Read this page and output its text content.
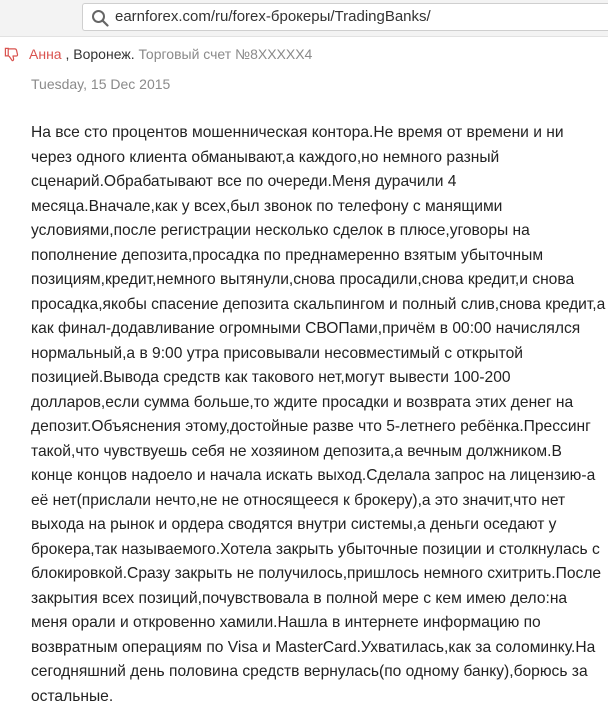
earnforex.com/ru/forex-брокеры/TradingBanks/
Анна , Воронеж. Торговый счет №8XXXXX4
Tuesday, 15 Dec 2015

На все сто процентов мошенническая контора.Не время от времени и ни через одного клиента обманывают,а каждого,но немного разный сценарий.Обрабатывают все по очереди.Меня дурачили 4 месяца.Вначале,как у всех,был звонок по телефону с манящими условиями,после регистрации несколько сделок в плюсе,уговоры на пополнение депозита,просадка по преднамеренно взятым убыточным позициям,кредит,немного вытянули,снова просадили,снова кредит,и снова просадка,якобы спасение депозита скальпингом и полный слив,снова кредит,а как финал-додавливание огромными СВОПами,причём в 00:00 начислялся нормальный,а в 9:00 утра присовывали несовместимый с открытой позицией.Вывода средств как такового нет,могут вывести 100-200 долларов,если сумма больше,то ждите просадки и возврата этих денег на депозит.Объяснения этому,достойные разве что 5-летнего ребёнка.Прессинг такой,что чувствуешь себя не хозяином депозита,а вечным должником.В конце концов надоело и начала искать выход.Сделала запрос на лицензию-а её нет(прислали нечто,не не относящееся к брокеру),а это значит,что нет выхода на рынок и ордера сводятся внутри системы,а деньги оседают у брокера,так называемого.Хотела закрыть убыточные позиции и столкнулась с блокировкой.Сразу закрыть не получилось,пришлось немного схитрить.После закрытия всех позиций,почувствовала в полной мере с кем имею дело:на меня орали и откровенно хамили.Нашла в интернете информацию по возвратным операциям по Visa и MasterCard.Ухватилась,как за соломинку.На сегодняшний день половина средств вернулась(по одному банку),борюсь за остальные.
